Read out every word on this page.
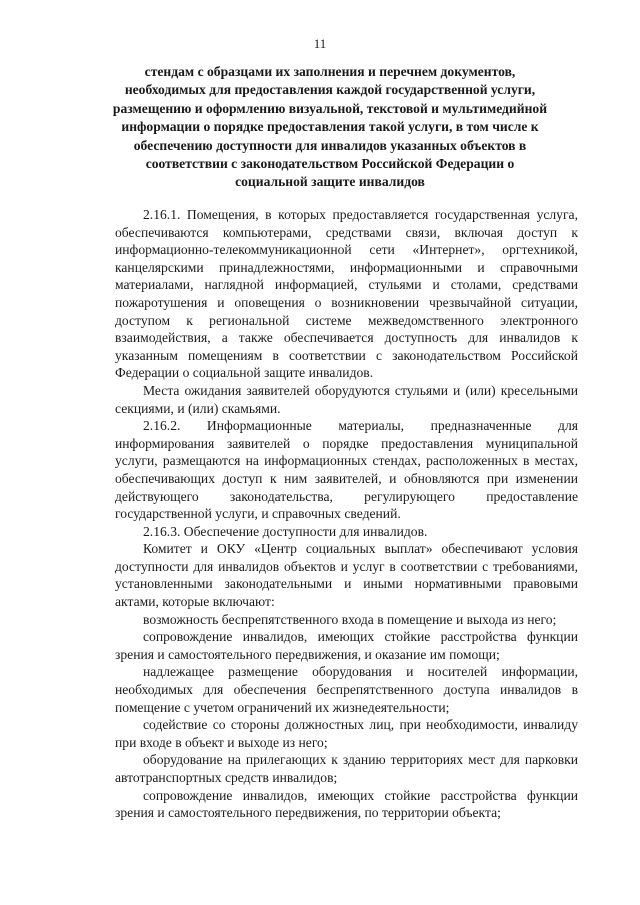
11
стендам с образцами их заполнения и перечнем документов, необходимых для предоставления каждой государственной услуги, размещению и оформлению визуальной, текстовой и мультимедийной информации о порядке предоставления такой услуги, в том числе к обеспечению доступности для инвалидов указанных объектов в соответствии с законодательством Российской Федерации о социальной защите инвалидов

2.16.1. Помещения, в которых предоставляется государственная услуга, обеспечиваются компьютерами, средствами связи, включая доступ к информационно-телекоммуникационной сети «Интернет», оргтехникой, канцелярскими принадлежностями, информационными и справочными материалами, наглядной информацией, стульями и столами, средствами пожаротушения и оповещения о возникновении чрезвычайной ситуации, доступом к региональной системе межведомственного электронного взаимодействия, а также обеспечивается доступность для инвалидов к указанным помещениям в соответствии с законодательством Российской Федерации о социальной защите инвалидов.

Места ожидания заявителей оборудуются стульями и (или) кресельными секциями, и (или) скамьями.

2.16.2. Информационные материалы, предназначенные для информирования заявителей о порядке предоставления муниципальной услуги, размещаются на информационных стендах, расположенных в местах, обеспечивающих доступ к ним заявителей, и обновляются при изменении действующего законодательства, регулирующего предоставление государственной услуги, и справочных сведений.

2.16.3. Обеспечение доступности для инвалидов.

Комитет и ОКУ «Центр социальных выплат» обеспечивают условия доступности для инвалидов объектов и услуг в соответствии с требованиями, установленными законодательными и иными нормативными правовыми актами, которые включают:

возможность беспрепятственного входа в помещение и выхода из него;

сопровождение инвалидов, имеющих стойкие расстройства функции зрения и самостоятельного передвижения, и оказание им помощи;

надлежащее размещение оборудования и носителей информации, необходимых для обеспечения беспрепятственного доступа инвалидов в помещение с учетом ограничений их жизнедеятельности;

содействие со стороны должностных лиц, при необходимости, инвалиду при входе в объект и выходе из него;

оборудование на прилегающих к зданию территориях мест для парковки автотранспортных средств инвалидов;

сопровождение инвалидов, имеющих стойкие расстройства функции зрения и самостоятельного передвижения, по территории объекта;
